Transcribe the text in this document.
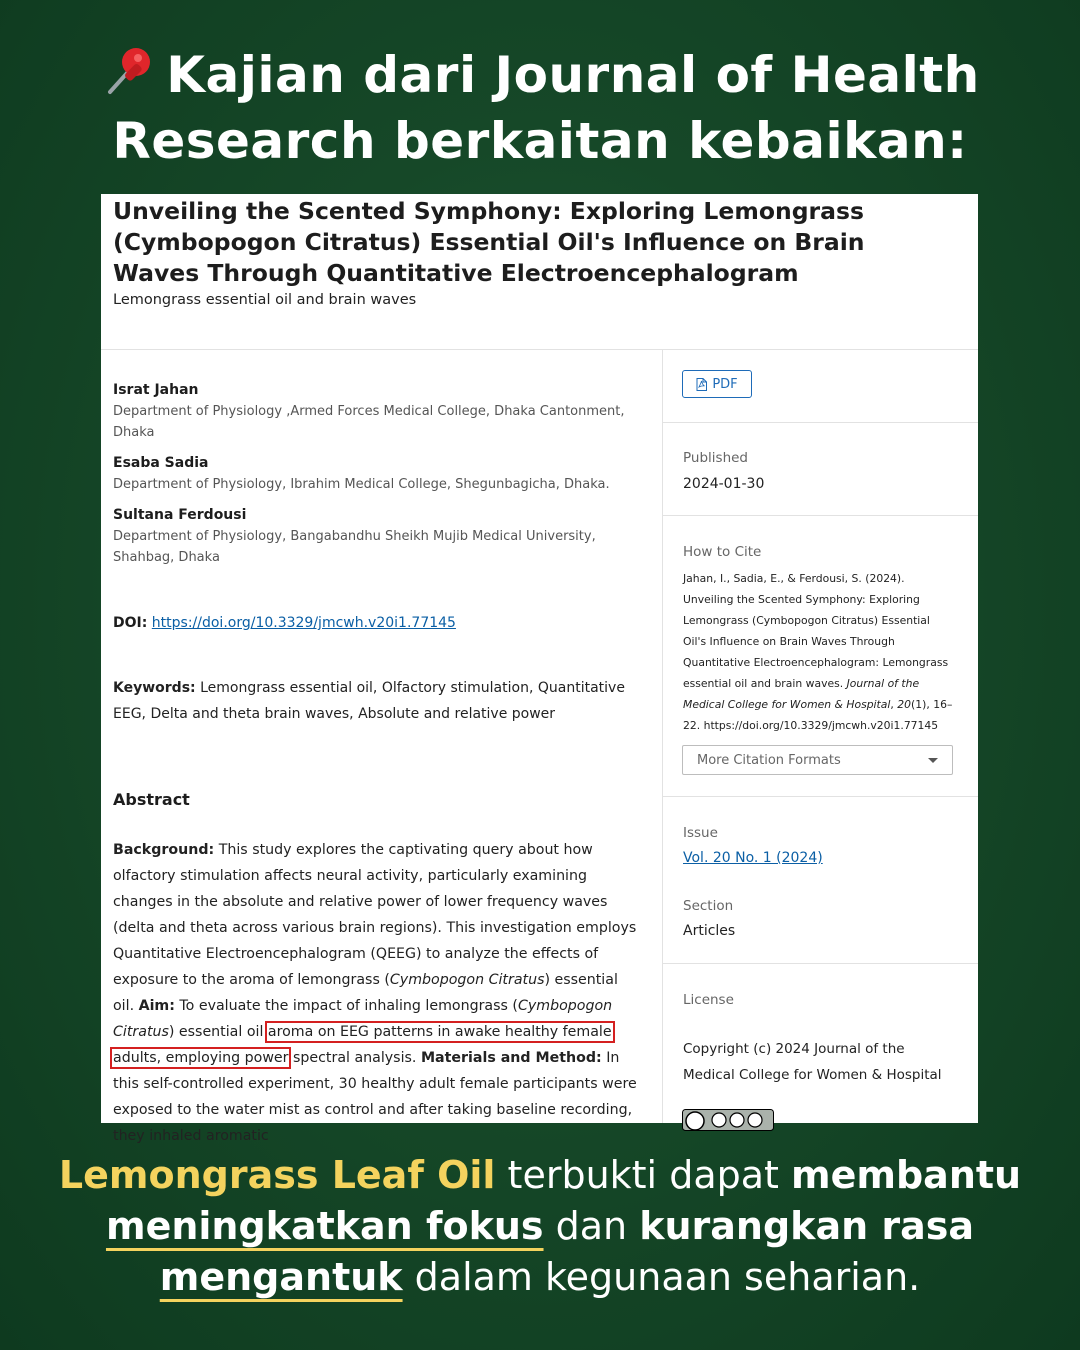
Kajian dari Journal of Health
Research berkaitan kebaikan:
Unveiling the Scented Symphony: Exploring Lemongrass (Cymbopogon Citratus) Essential Oil's Influence on Brain Waves Through Quantitative Electroencephalogram
Lemongrass essential oil and brain waves
Israt Jahan
Department of Physiology ,Armed Forces Medical College, Dhaka Cantonment, Dhaka
Esaba Sadia
Department of Physiology, Ibrahim Medical College, Shegunbagicha, Dhaka.
Sultana Ferdousi
Department of Physiology, Bangabandhu Sheikh Mujib Medical University, Shahbag, Dhaka
DOI: https://doi.org/10.3329/jmcwh.v20i1.77145
Keywords: Lemongrass essential oil, Olfactory stimulation, Quantitative EEG, Delta and theta brain waves, Absolute and relative power
Abstract
Background: This study explores the captivating query about how olfactory stimulation affects neural activity, particularly examining changes in the absolute and relative power of lower frequency waves (delta and theta across various brain regions). This investigation employs Quantitative Electroencephalogram (QEEG) to analyze the effects of exposure to the aroma of lemongrass (Cymbopogon Citratus) essential oil. Aim: To evaluate the impact of inhaling lemongrass (Cymbopogon Citratus) essential oil aroma on EEG patterns in awake healthy female adults, employing power spectral analysis. Materials and Method: In this self-controlled experiment, 30 healthy adult female participants were exposed to the water mist as control and after taking baseline recording, they inhaled aromatic
PDF
Published
2024-01-30
How to Cite
Jahan, I., Sadia, E., & Ferdousi, S. (2024). Unveiling the Scented Symphony: Exploring Lemongrass (Cymbopogon Citratus) Essential Oil's Influence on Brain Waves Through Quantitative Electroencephalogram: Lemongrass essential oil and brain waves. Journal of the Medical College for Women & Hospital, 20(1), 16–22. https://doi.org/10.3329/jmcwh.v20i1.77145
More Citation Formats
Issue
Vol. 20 No. 1 (2024)
Section
Articles
License
Copyright (c) 2024 Journal of the Medical College for Women & Hospital
Lemongrass Leaf Oil terbukti dapat membantu
meningkatkan fokus dan kurangkan rasa
mengantuk dalam kegunaan seharian.
